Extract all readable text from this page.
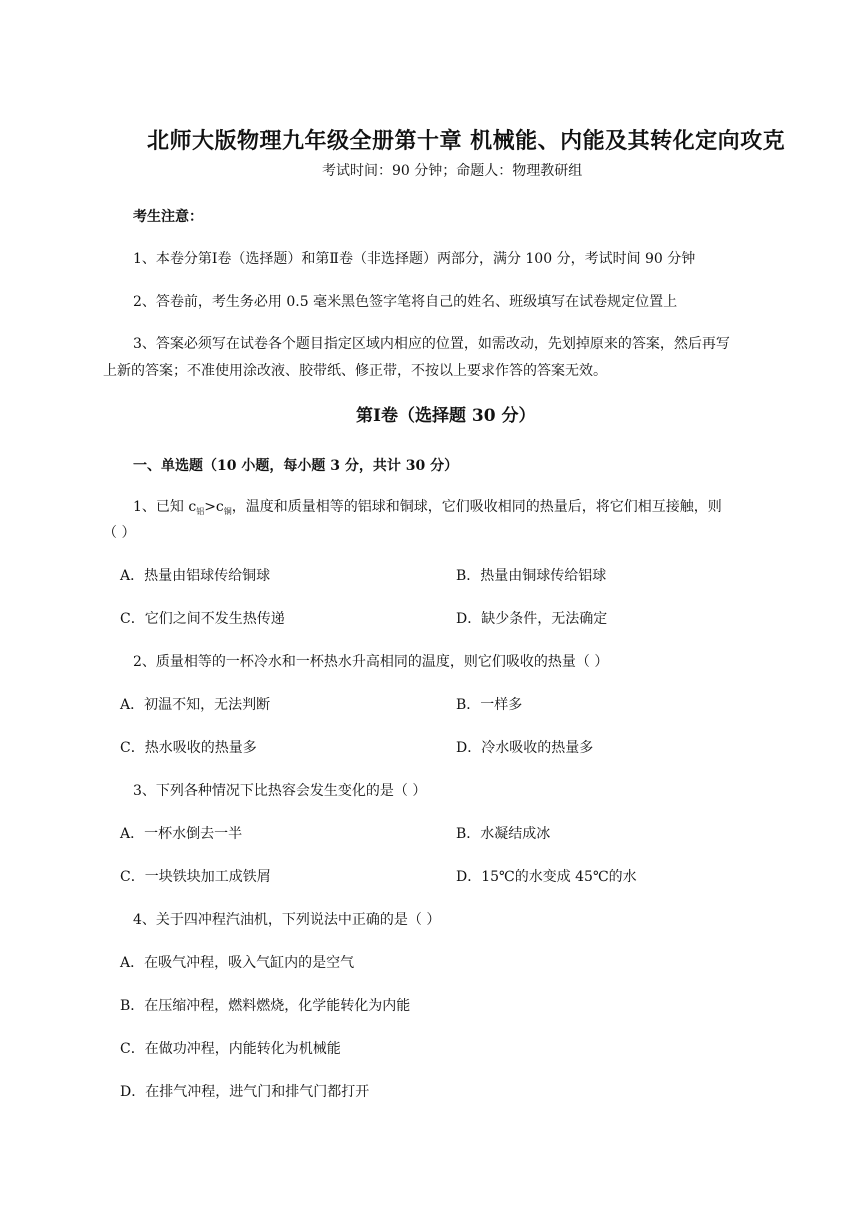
北师大版物理九年级全册第十章 机械能、内能及其转化定向攻克
考试时间：90 分钟；命题人：物理教研组
考生注意：
1、本卷分第Ⅰ卷（选择题）和第Ⅱ卷（非选择题）两部分，满分 100 分，考试时间 90 分钟
2、答卷前，考生务必用 0.5 毫米黑色签字笔将自己的姓名、班级填写在试卷规定位置上
3、答案必须写在试卷各个题目指定区域内相应的位置，如需改动，先划掉原来的答案，然后再写
上新的答案；不准使用涂改液、胶带纸、修正带，不按以上要求作答的答案无效。
第Ⅰ卷（选择题 30 分）
一、单选题（10 小题，每小题 3 分，共计 30 分）
1、已知 $c_铝>c_铜$，温度和质量相等的铝球和铜球，它们吸收相同的热量后，将它们相互接触，则
（ ）
A．热量由铝球传给铜球	B．热量由铜球传给铝球
C．它们之间不发生热传递	D．缺少条件，无法确定
2、质量相等的一杯冷水和一杯热水升高相同的温度，则它们吸收的热量（ ）
A．初温不知，无法判断	B．一样多
C．热水吸收的热量多	D．冷水吸收的热量多
3、下列各种情况下比热容会发生变化的是（ ）
A．一杯水倒去一半	B．水凝结成冰
C．一块铁块加工成铁屑	D．15℃的水变成 45℃的水
4、关于四冲程汽油机，下列说法中正确的是（ ）
A．在吸气冲程，吸入气缸内的是空气
B．在压缩冲程，燃料燃烧，化学能转化为内能
C．在做功冲程，内能转化为机械能
D．在排气冲程，进气门和排气门都打开
